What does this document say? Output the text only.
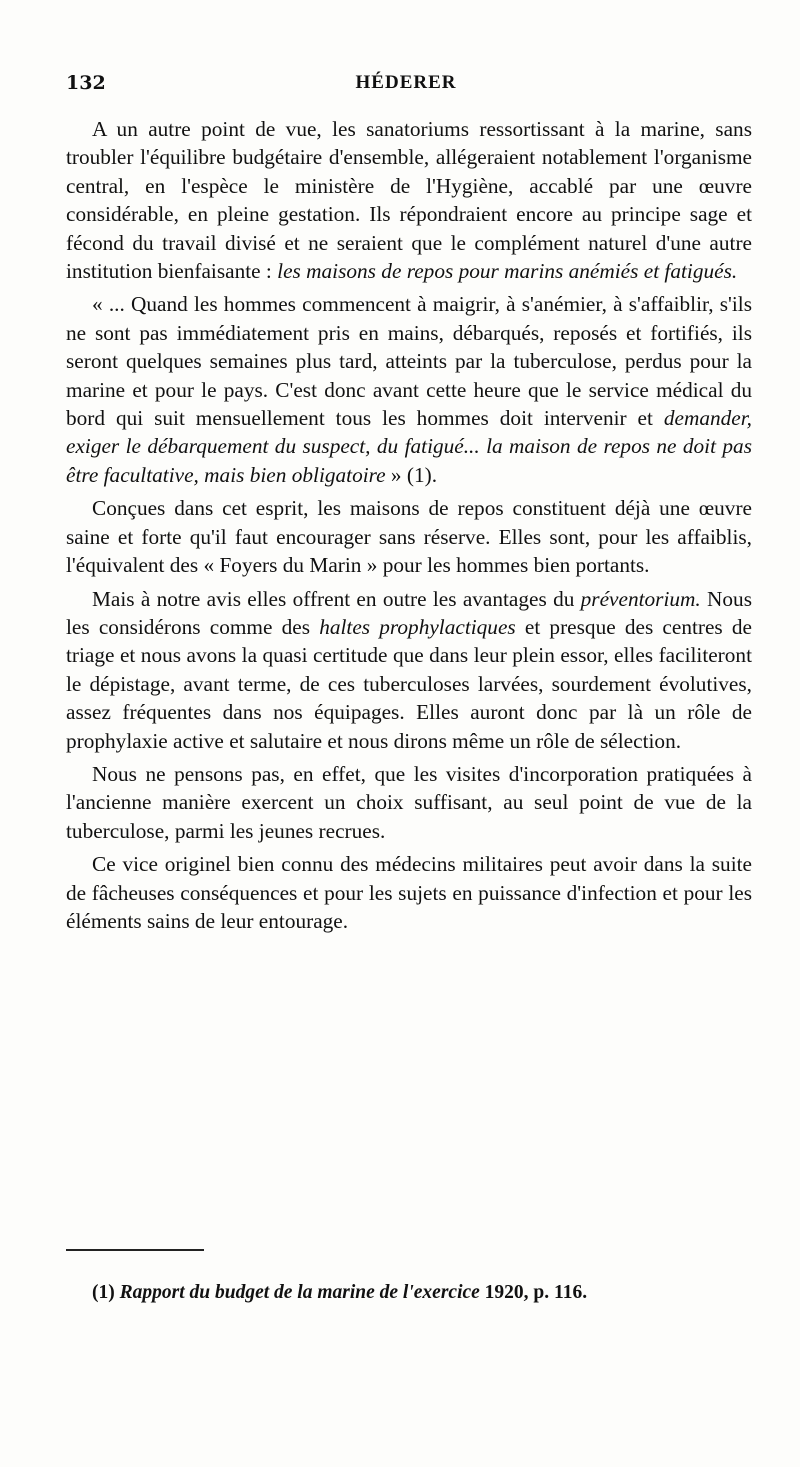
132	HÉDERER

A un autre point de vue, les sanatoriums ressortissant à la marine, sans troubler l'équilibre budgétaire d'ensemble, allégeraient notablement l'organisme central, en l'espèce le ministère de l'Hygiène, accablé par une œuvre considérable, en pleine gestation. Ils répondraient encore au principe sage et fécond du travail divisé et ne seraient que le complément naturel d'une autre institution bienfaisante : les maisons de repos pour marins anémiés et fatigués.

« ... Quand les hommes commencent à maigrir, à s'anémier, à s'affaiblir, s'ils ne sont pas immédiatement pris en mains, débarqués, reposés et fortifiés, ils seront quelques semaines plus tard, atteints par la tuberculose, perdus pour la marine et pour le pays. C'est donc avant cette heure que le service médical du bord qui suit mensuellement tous les hommes doit intervenir et demander, exiger le débarquement du suspect, du fatigué... la maison de repos ne doit pas être facultative, mais bien obligatoire » (1).

Conçues dans cet esprit, les maisons de repos constituent déjà une œuvre saine et forte qu'il faut encourager sans réserve. Elles sont, pour les affaiblis, l'équivalent des « Foyers du Marin » pour les hommes bien portants.

Mais à notre avis elles offrent en outre les avantages du préventorium. Nous les considérons comme des haltes prophylactiques et presque des centres de triage et nous avons la quasi certitude que dans leur plein essor, elles faciliteront le dépistage, avant terme, de ces tuberculoses larvées, sourdement évolutives, assez fréquentes dans nos équipages. Elles auront donc par là un rôle de prophylaxie active et salutaire et nous dirons même un rôle de sélection.

Nous ne pensons pas, en effet, que les visites d'incorporation pratiquées à l'ancienne manière exercent un choix suffisant, au seul point de vue de la tuberculose, parmi les jeunes recrues.

Ce vice originel bien connu des médecins militaires peut avoir dans la suite de fâcheuses conséquences et pour les sujets en puissance d'infection et pour les éléments sains de leur entourage.

(1) Rapport du budget de la marine de l'exercice 1920, p. 116.
